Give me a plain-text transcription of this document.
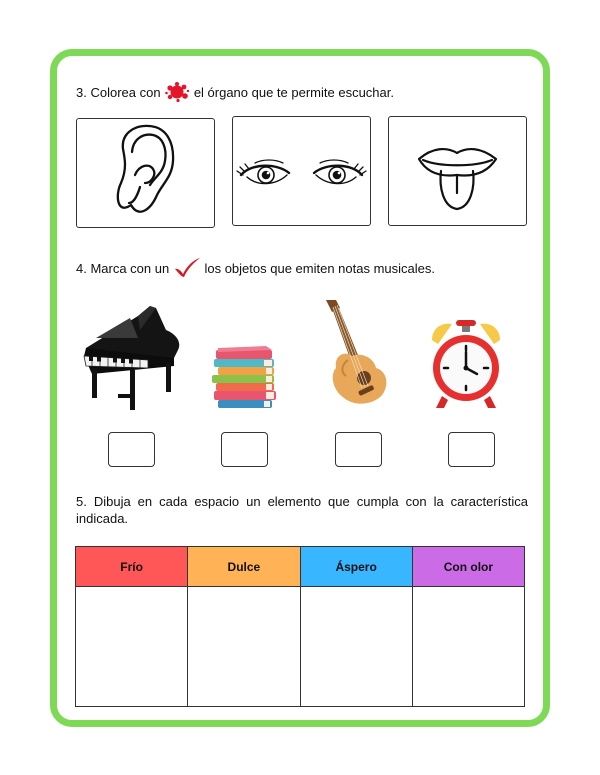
3. Colorea con	el órgano que te permite escuchar.
4. Marca con un	los objetos que emiten notas musicales.
5. Dibuja en cada espacio un elemento que cumpla con la característica indicada.
Frío	Dulce	Áspero	Con olor
